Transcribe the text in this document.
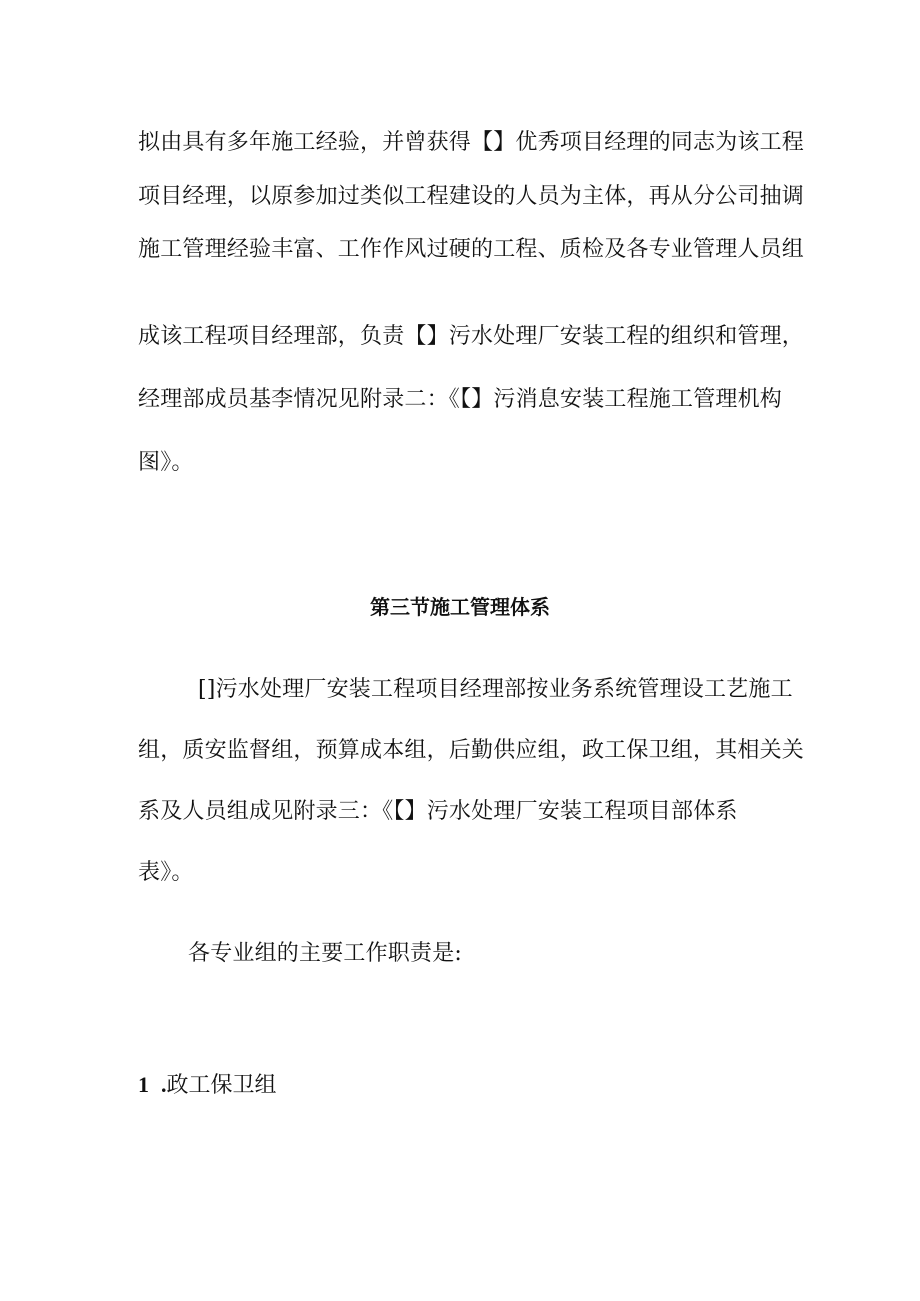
拟由具有多年施工经验，并曾获得【】优秀项目经理的同志为该工程
项目经理，以原参加过类似工程建设的人员为主体，再从分公司抽调
施工管理经验丰富、工作作风过硬的工程、质检及各专业管理人员组
成该工程项目经理部，负责【】污水处理厂安装工程的组织和管理，
经理部成员基李情况见附录二：《【】污消息安装工程施工管理机构
图》。
第三节施工管理体系
[]污水处理厂安装工程项目经理部按业务系统管理设工艺施工
组，质安监督组，预算成本组，后勤供应组，政工保卫组，其相关关
系及人员组成见附录三：《【】污水处理厂安装工程项目部体系
表》。
各专业组的主要工作职责是:
1 .政工保卫组
